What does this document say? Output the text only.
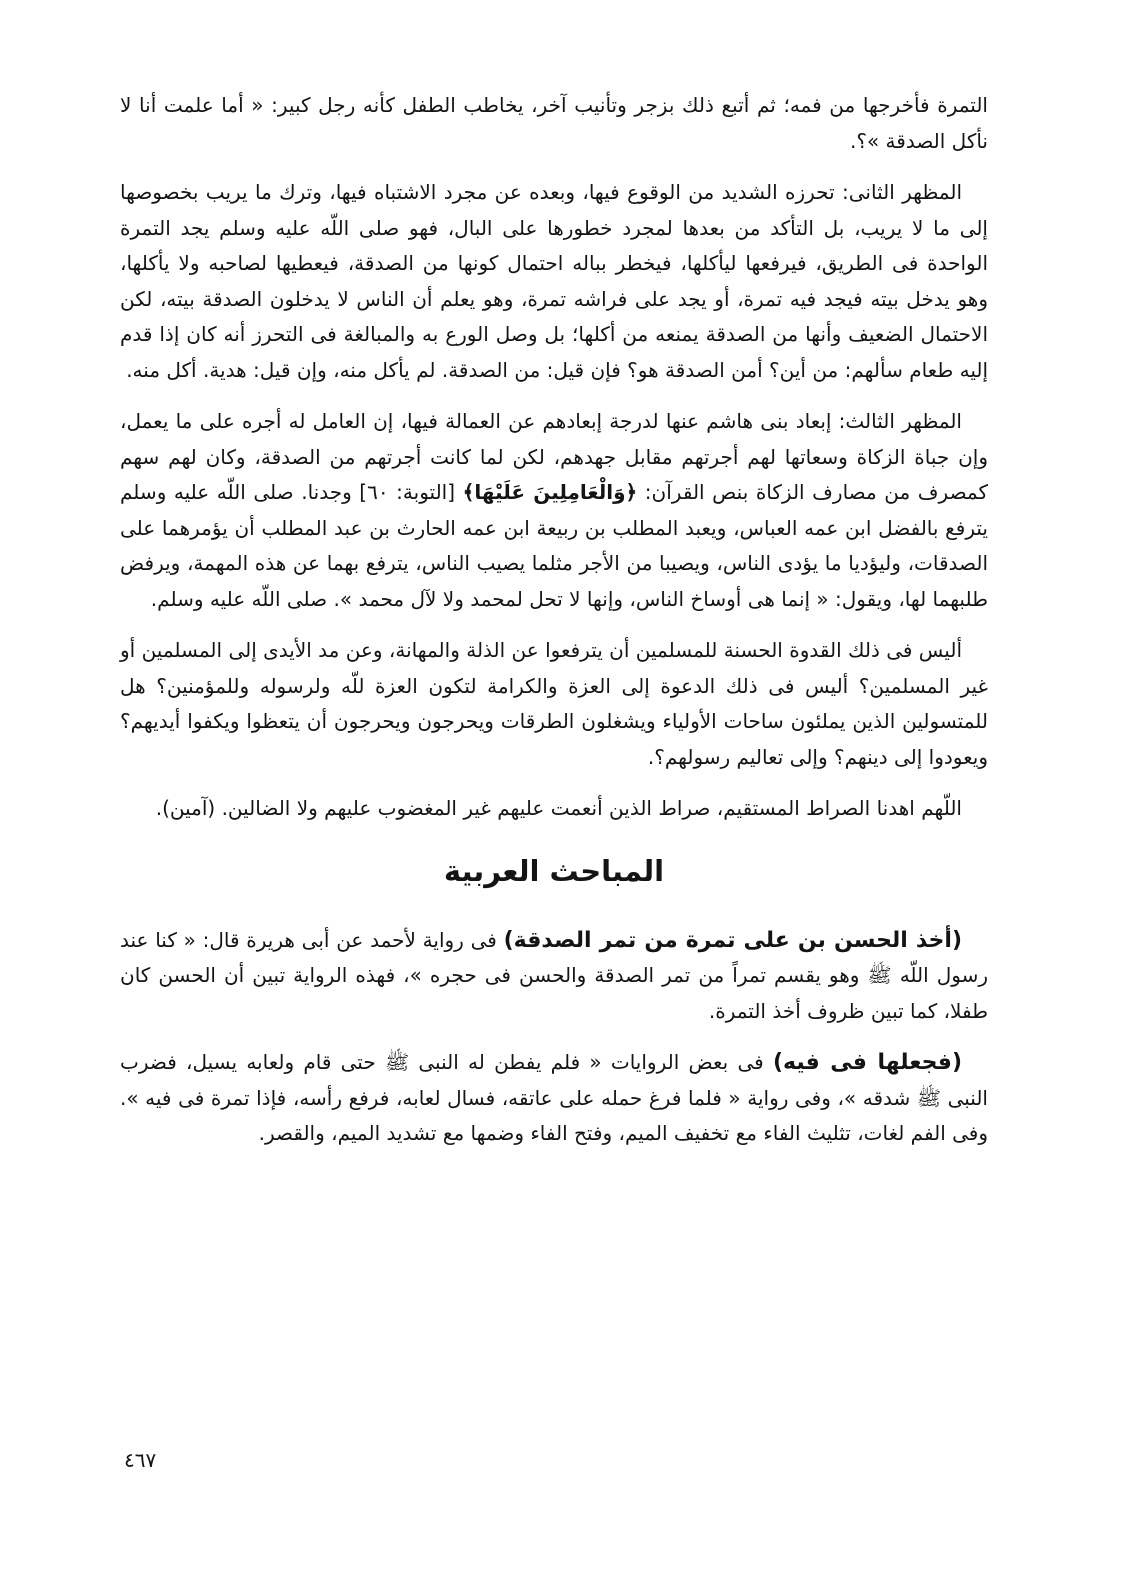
التمرة فأخرجها من فمه؛ ثم أتبع ذلك بزجر وتأنيب آخر، يخاطب الطفل كأنه رجل كبير: « أما علمت أنا لا نأكل الصدقة »؟.

المظهر الثانى: تحرزه الشديد من الوقوع فيها، وبعده عن مجرد الاشتباه فيها، وترك ما يريب بخصوصها إلى ما لا يريب، بل التأكد من بعدها لمجرد خطورها على البال، فهو صلى اللّه عليه وسلم يجد التمرة الواحدة فى الطريق، فيرفعها ليأكلها، فيخطر بباله احتمال كونها من الصدقة، فيعطيها لصاحبه ولا يأكلها، وهو يدخل بيته فيجد فيه تمرة، أو يجد على فراشه تمرة، وهو يعلم أن الناس لا يدخلون الصدقة بيته، لكن الاحتمال الضعيف وأنها من الصدقة يمنعه من أكلها؛ بل وصل الورع به والمبالغة فى التحرز أنه كان إذا قدم إليه طعام سألهم: من أين؟ أمن الصدقة هو؟ فإن قيل: من الصدقة. لم يأكل منه، وإن قيل: هدية. أكل منه.

المظهر الثالث: إبعاد بنى هاشم عنها لدرجة إبعادهم عن العمالة فيها، إن العامل له أجره على ما يعمل، وإن جباة الزكاة وسعاتها لهم أجرتهم مقابل جهدهم، لكن لما كانت أجرتهم من الصدقة، وكان لهم سهم كمصرف من مصارف الزكاة بنص القرآن: ﴿وَالْعَامِلِينَ عَلَيْهَا﴾ [التوبة: ٦٠] وجدنا. صلى اللّه عليه وسلم يترفع بالفضل ابن عمه العباس، ويعبد المطلب بن ربيعة ابن عمه الحارث بن عبد المطلب أن يؤمرهما على الصدقات، وليؤديا ما يؤدى الناس، ويصيبا من الأجر مثلما يصيب الناس، يترفع بهما عن هذه المهمة، ويرفض طلبهما لها، ويقول: « إنما هى أوساخ الناس، وإنها لا تحل لمحمد ولا لآل محمد ». صلى اللّه عليه وسلم.

أليس فى ذلك القدوة الحسنة للمسلمين أن يترفعوا عن الذلة والمهانة، وعن مد الأيدى إلى المسلمين أو غير المسلمين؟ أليس فى ذلك الدعوة إلى العزة والكرامة لتكون العزة للّه ولرسوله وللمؤمنين؟ هل للمتسولين الذين يملئون ساحات الأولياء ويشغلون الطرقات ويحرجون ويحرجون أن يتعظوا ويكفوا أيديهم؟ ويعودوا إلى دينهم؟ وإلى تعاليم رسولهم؟.

اللّهم اهدنا الصراط المستقيم، صراط الذين أنعمت عليهم غير المغضوب عليهم ولا الضالين. (آمين).

المباحث العربية

(أخذ الحسن بن على تمرة من تمر الصدقة) فى رواية لأحمد عن أبى هريرة قال: « كنا عند رسول اللّه ﷺ وهو يقسم تمراً من تمر الصدقة والحسن فى حجره »، فهذه الرواية تبين أن الحسن كان طفلا، كما تبين ظروف أخذ التمرة.

(فجعلها فى فيه) فى بعض الروايات « فلم يفطن له النبى ﷺ حتى قام ولعابه يسيل، فضرب النبى ﷺ شدقه »، وفى رواية « فلما فرغ حمله على عاتقه، فسال لعابه، فرفع رأسه، فإذا تمرة فى فيه ». وفى الفم لغات، تثليث الفاء مع تخفيف الميم، وفتح الفاء وضمها مع تشديد الميم، والقصر.

٤٦٧
